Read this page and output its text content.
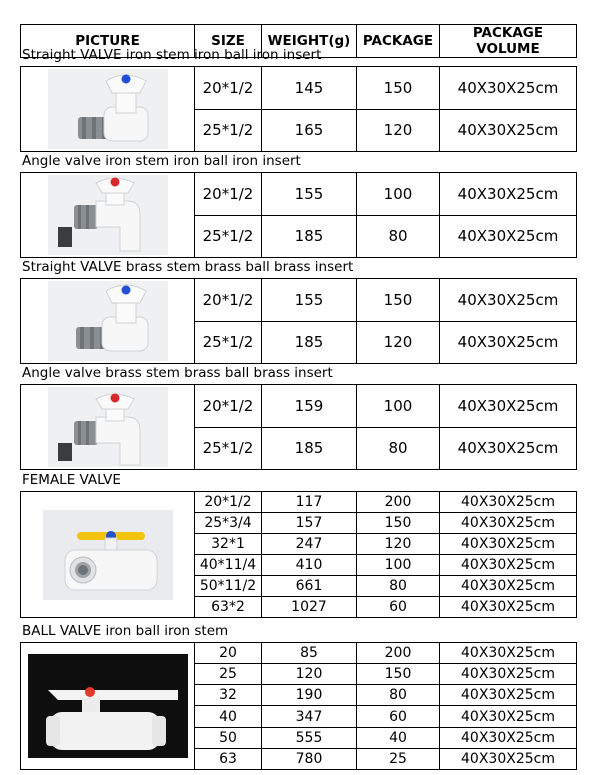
PICTURE	SIZE	WEIGHT(g)	PACKAGE	PACKAGE VOLUME
Straight VALVE iron stem iron ball iron insert
	20*1/2	145	150	40X30X25cm
	25*1/2	165	120	40X30X25cm
Angle valve iron stem iron ball iron insert
	20*1/2	155	100	40X30X25cm
	25*1/2	185	80	40X30X25cm
Straight VALVE brass stem brass ball brass insert
	20*1/2	155	150	40X30X25cm
	25*1/2	185	120	40X30X25cm
Angle valve brass stem brass ball brass insert
	20*1/2	159	100	40X30X25cm
	25*1/2	185	80	40X30X25cm
FEMALE VALVE
	20*1/2	117	200	40X30X25cm
	25*3/4	157	150	40X30X25cm
	32*1	247	120	40X30X25cm
	40*11/4	410	100	40X30X25cm
	50*11/2	661	80	40X30X25cm
	63*2	1027	60	40X30X25cm
BALL VALVE iron ball iron stem
	20	85	200	40X30X25cm
	25	120	150	40X30X25cm
	32	190	80	40X30X25cm
	40	347	60	40X30X25cm
	50	555	40	40X30X25cm
	63	780	25	40X30X25cm
